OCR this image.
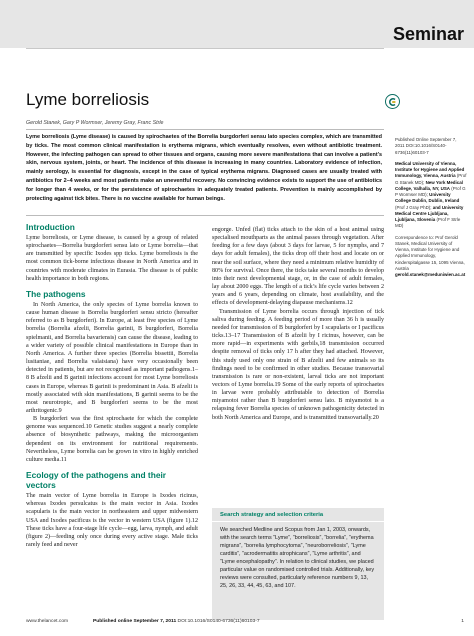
Seminar
Lyme borreliosis
Gerold Stanek, Gary P Wormser, Jeremy Gray, Franc Strle

Lyme borreliosis (Lyme disease) is caused by spirochaetes of the Borrelia burgdorferi sensu lato species complex, which are transmitted by ticks. The most common clinical manifestation is erythema migrans, which eventually resolves, even without antibiotic treatment. However, the infecting pathogen can spread to other tissues and organs, causing more severe manifestations that can involve a patient’s skin, nervous system, joints, or heart. The incidence of this disease is increasing in many countries. Laboratory evidence of infection, mainly serology, is essential for diagnosis, except in the case of typical erythema migrans. Diagnosed cases are usually treated with antibiotics for 2–4 weeks and most patients make an uneventful recovery. No convincing evidence exists to support the use of antibiotics for longer than 4 weeks, or for the persistence of spirochaetes in adequately treated patients. Prevention is mainly accomplished by protecting against tick bites. There is no vaccine available for human beings.

Introduction

Lyme borreliosis, or Lyme disease, is caused by a group of related spirochaetes—Borrelia burgdorferi sensu lato or Lyme borrelia—that are transmitted by specific Ixodes spp ticks. Lyme borreliosis is the most common tick-borne infectious disease in North America and in countries with moderate climates in Eurasia. The disease is of public health importance in both regions.

The pathogens

In North America, the only species of Lyme borrelia known to cause human disease is Borrelia burgdorferi sensu stricto (hereafter referred to as B burgdorferi). In Europe, at least five species of Lyme borrelia (Borrelia afzelii, Borrelia garinii, B burgdorferi, Borrelia spielmanii, and Borrelia bavariensis) can cause the disease, leading to a wider variety of possible clinical manifestations in Europe than in North America. A further three species (Borrelia bissettii, Borrelia lusitaniae, and Borrelia valaisiana) have very occasionally been detected in patients, but are not recognised as important pathogens.1–8 B afzelii and B garinii infections account for most Lyme borreliosis cases in Europe, whereas B garinii is predominant in Asia. B afzelii is mostly associated with skin manifestations, B garinii seems to be the most neurotropic, and B burgdorferi seems to be the most arthritogenic.9

B burgdorferi was the first spirochaete for which the complete genome was sequenced.10 Genetic studies suggest a nearly complete absence of biosynthetic pathways, making the microorganism dependent on its environment for nutritional requirements. Nevertheless, Lyme borrelia can be grown in vitro in highly enriched culture media.11

Ecology of the pathogens and their vectors

The main vector of Lyme borrelia in Europe is Ixodes ricinus, whereas Ixodes persulcatus is the main vector in Asia. Ixodes scapularis is the main vector in northeastern and upper midwestern USA and Ixodes pacificus is the vector in western USA (figure 1).12 These ticks have a four-stage life cycle—egg, larva, nymph, and adult (figure 2)—feeding only once during every active stage. Male ticks rarely feed and never

engorge. Unfed (flat) ticks attach to the skin of a host animal using specialised mouthparts as the animal passes through vegetation. After feeding for a few days (about 3 days for larvae, 5 for nymphs, and 7 days for adult females), the ticks drop off their host and locate on or near the soil surface, where they need a minimum relative humidity of 80% for survival. Once there, the ticks take several months to develop into their next developmental stage, or, in the case of adult females, lay about 2000 eggs. The length of a tick’s life cycle varies between 2 years and 6 years, depending on climate, host availability, and the effects of development-delaying diapause mechanisms.12

Transmission of Lyme borrelia occurs through injection of tick saliva during feeding. A feeding period of more than 36 h is usually needed for transmission of B burgdorferi by I scapularis or I pacificus ticks.13–17 Transmission of B afzelii by I ricinus, however, can be more rapid—in experiments with gerbils,18 transmission occurred despite removal of ticks only 17 h after they had attached. However, this study used only one strain of B afzelii and few animals so its findings need to be confirmed in other studies. Because transovarial transmission is rare or non-existent, larval ticks are not important vectors of Lyme borrelia.19 Some of the early reports of spirochaetes in larvae were probably attributable to detection of Borrelia miyamotoi rather than B burgdorferi sensu lato. B miyamotoi is a relapsing fever Borrelia species of unknown pathogenicity detected in both North America and Europe, and is transmitted transovarially.20

Search strategy and selection criteria

We searched Medline and Scopus from Jan 1, 2003, onwards, with the search terms “Lyme”, “borreliosis”, “borrelia”, “erythema migrans”, “borrelia lymphocytoma”, “neuroborreliosis”, “Lyme carditis”, “acrodermatitis atrophicans”, “Lyme arthritis”, and “Lyme encephalopathy”. In relation to clinical studies, we placed particular value on randomised controlled trials. Additionally, key reviews were consulted, particularly reference numbers 9, 13, 25, 26, 33, 44, 45, 63, and 107.

Published Online September 7, 2011 DOI:10.1016/S0140-6736(11)60103-7
Medical University of Vienna, Institute for Hygiene and Applied Immunology, Vienna, Austria (Prof G Stanek MD); New York Medical College, Valhalla, NY, USA (Prof G P Wormser MD); University College Dublin, Dublin, Ireland (Prof J Gray PhD); and University Medical Centre Ljubljana, Ljubljana, Slovenia (Prof F Strle MD)
Correspondence to: Prof Gerold Stanek, Medical University of Vienna, Institute for Hygiene and Applied Immunology, Kinderspitalgasse 15, 1095 Vienna, Austria gerold.stanek@meduniwien.ac.at
www.thelancet.com	Published online September 7, 2011 DOI:10.1016/S0140-6736(11)60103-7	1
